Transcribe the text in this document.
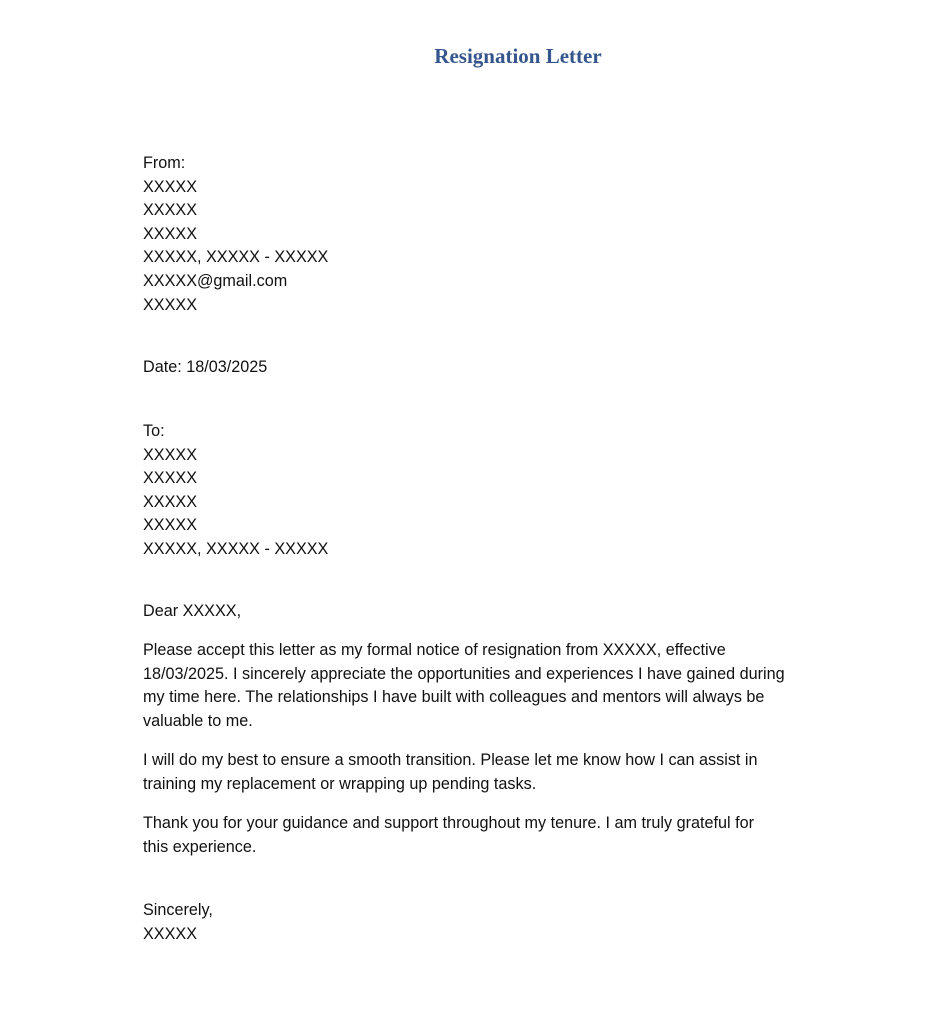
Resignation Letter
From:
XXXXX
XXXXX
XXXXX
XXXXX, XXXXX - XXXXX
XXXXX@gmail.com
XXXXX
Date: 18/03/2025
To:
XXXXX
XXXXX
XXXXX
XXXXX
XXXXX, XXXXX - XXXXX
Dear XXXXX,
Please accept this letter as my formal notice of resignation from XXXXX, effective
18/03/2025. I sincerely appreciate the opportunities and experiences I have gained during
my time here. The relationships I have built with colleagues and mentors will always be
valuable to me.
I will do my best to ensure a smooth transition. Please let me know how I can assist in
training my replacement or wrapping up pending tasks.
Thank you for your guidance and support throughout my tenure. I am truly grateful for
this experience.
Sincerely,
XXXXX
